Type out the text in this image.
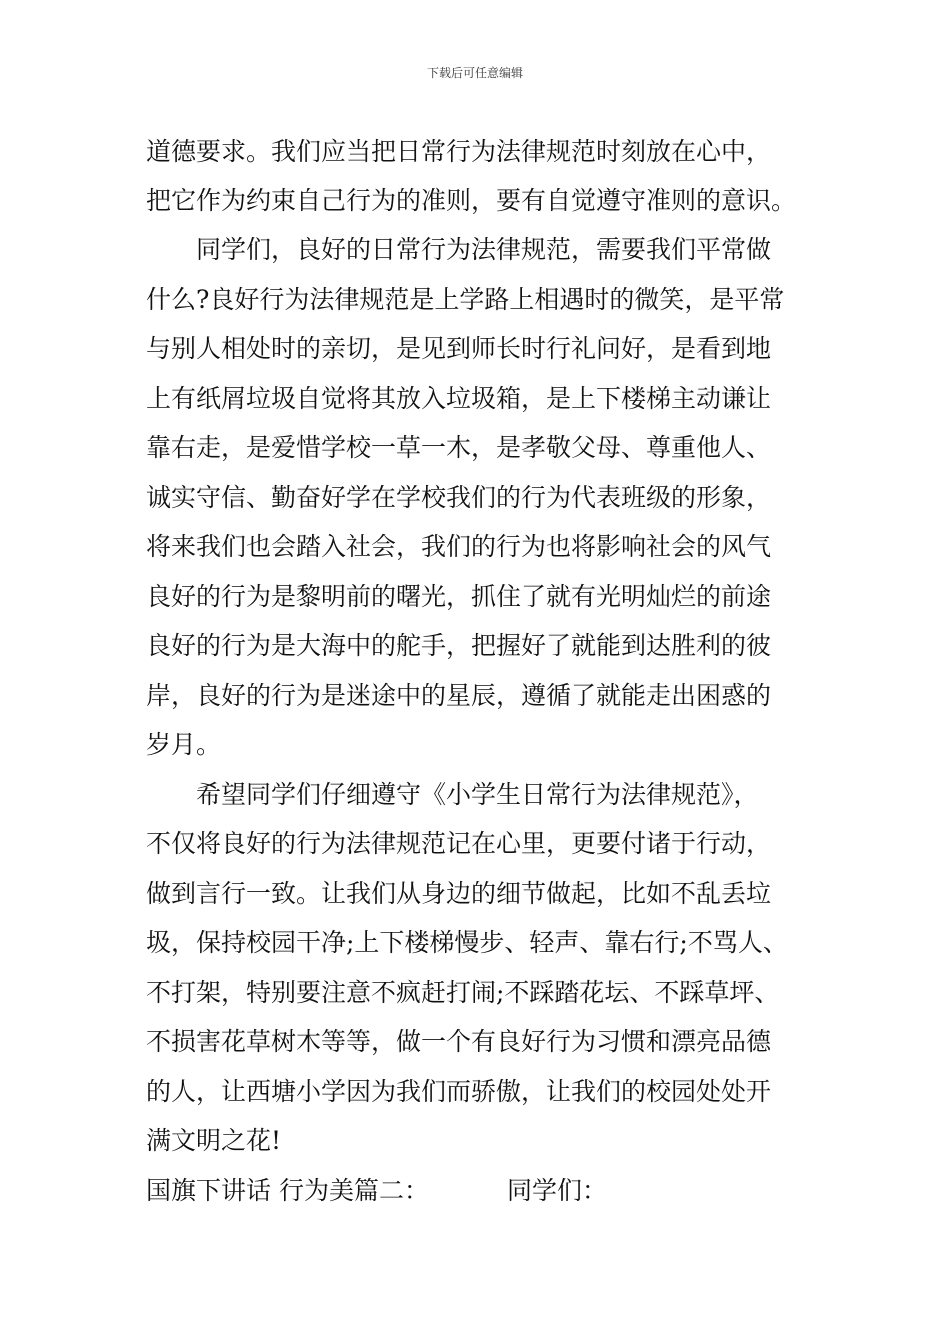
下载后可任意编辑
道德要求。我们应当把日常行为法律规范时刻放在心中，
把它作为约束自己行为的准则，要有自觉遵守准则的意识。
　　同学们，良好的日常行为法律规范，需要我们平常做
什么?良好行为法律规范是上学路上相遇时的微笑，是平常
与别人相处时的亲切，是见到师长时行礼问好，是看到地
上有纸屑垃圾自觉将其放入垃圾箱，是上下楼梯主动谦让
靠右走，是爱惜学校一草一木，是孝敬父母、尊重他人、
诚实守信、勤奋好学在学校我们的行为代表班级的形象，
将来我们也会踏入社会，我们的行为也将影响社会的风气
良好的行为是黎明前的曙光，抓住了就有光明灿烂的前途
良好的行为是大海中的舵手，把握好了就能到达胜利的彼
岸，良好的行为是迷途中的星辰，遵循了就能走出困惑的
岁月。
　　希望同学们仔细遵守《小学生日常行为法律规范》，
不仅将良好的行为法律规范记在心里，更要付诸于行动，
做到言行一致。让我们从身边的细节做起，比如不乱丢垃
圾，保持校园干净;上下楼梯慢步、轻声、靠右行;不骂人、
不打架，特别要注意不疯赶打闹;不踩踏花坛、不踩草坪、
不损害花草树木等等，做一个有良好行为习惯和漂亮品德
的人，让西塘小学因为我们而骄傲，让我们的校园处处开
满文明之花!
国旗下讲话 行为美篇二：	同学们：
